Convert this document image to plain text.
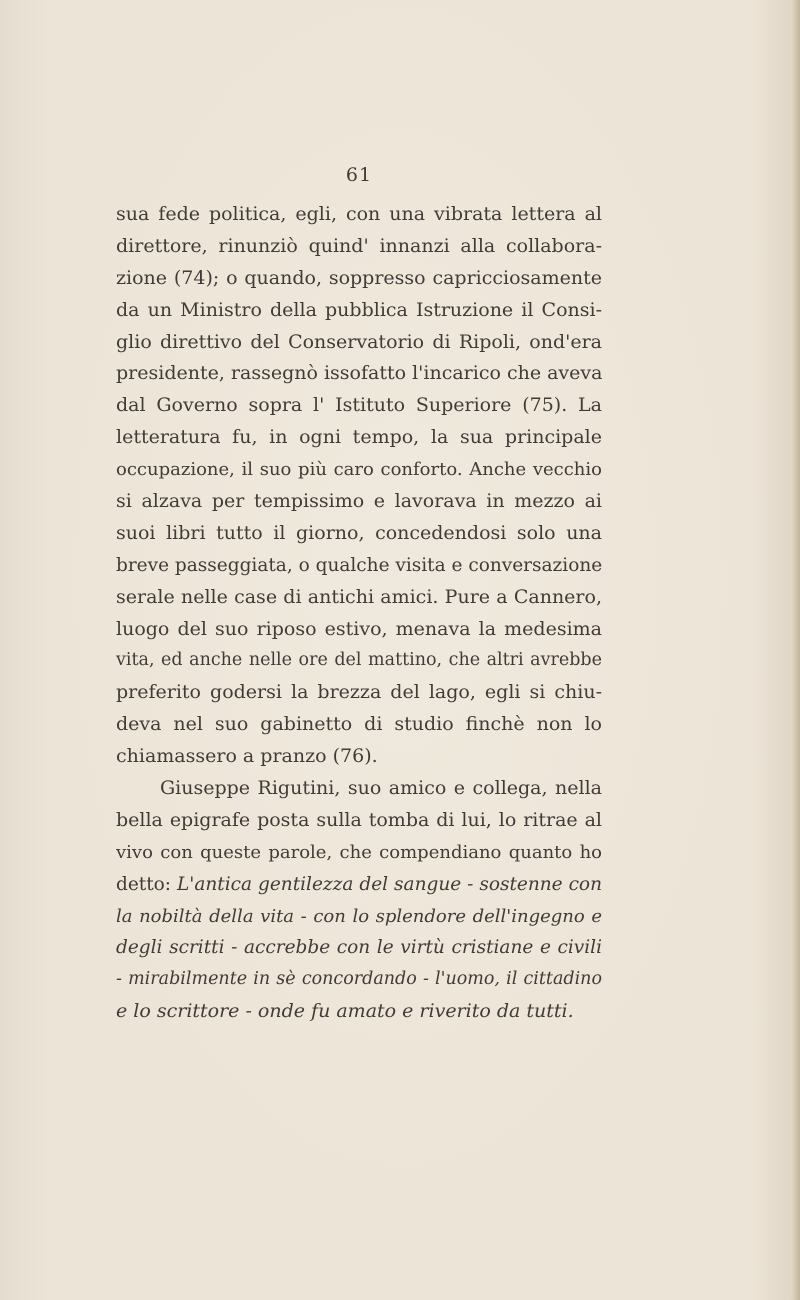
61
sua fede politica, egli, con una vibrata lettera al
direttore, rinunziò quind' innanzi alla collabora-
zione (74); o quando, soppresso capricciosamente
da un Ministro della pubblica Istruzione il Consi-
glio direttivo del Conservatorio di Ripoli, ond'era
presidente, rassegnò issofatto l'incarico che aveva
dal Governo sopra l' Istituto Superiore (75). La
letteratura fu, in ogni tempo, la sua principale
occupazione, il suo più caro conforto. Anche vecchio
si alzava per tempissimo e lavorava in mezzo ai
suoi libri tutto il giorno, concedendosi solo una
breve passeggiata, o qualche visita e conversazione
serale nelle case di antichi amici. Pure a Cannero,
luogo del suo riposo estivo, menava la medesima
vita, ed anche nelle ore del mattino, che altri avrebbe
preferito godersi la brezza del lago, egli si chiu-
deva nel suo gabinetto di studio finchè non lo
chiamassero a pranzo (76).
Giuseppe Rigutini, suo amico e collega, nella
bella epigrafe posta sulla tomba di lui, lo ritrae al
vivo con queste parole, che compendiano quanto ho
detto: L'antica gentilezza del sangue - sostenne con
la nobiltà della vita - con lo splendore dell'ingegno e
degli scritti - accrebbe con le virtù cristiane e civili
- mirabilmente in sè concordando - l'uomo, il cittadino
e lo scrittore - onde fu amato e riverito da tutti.
